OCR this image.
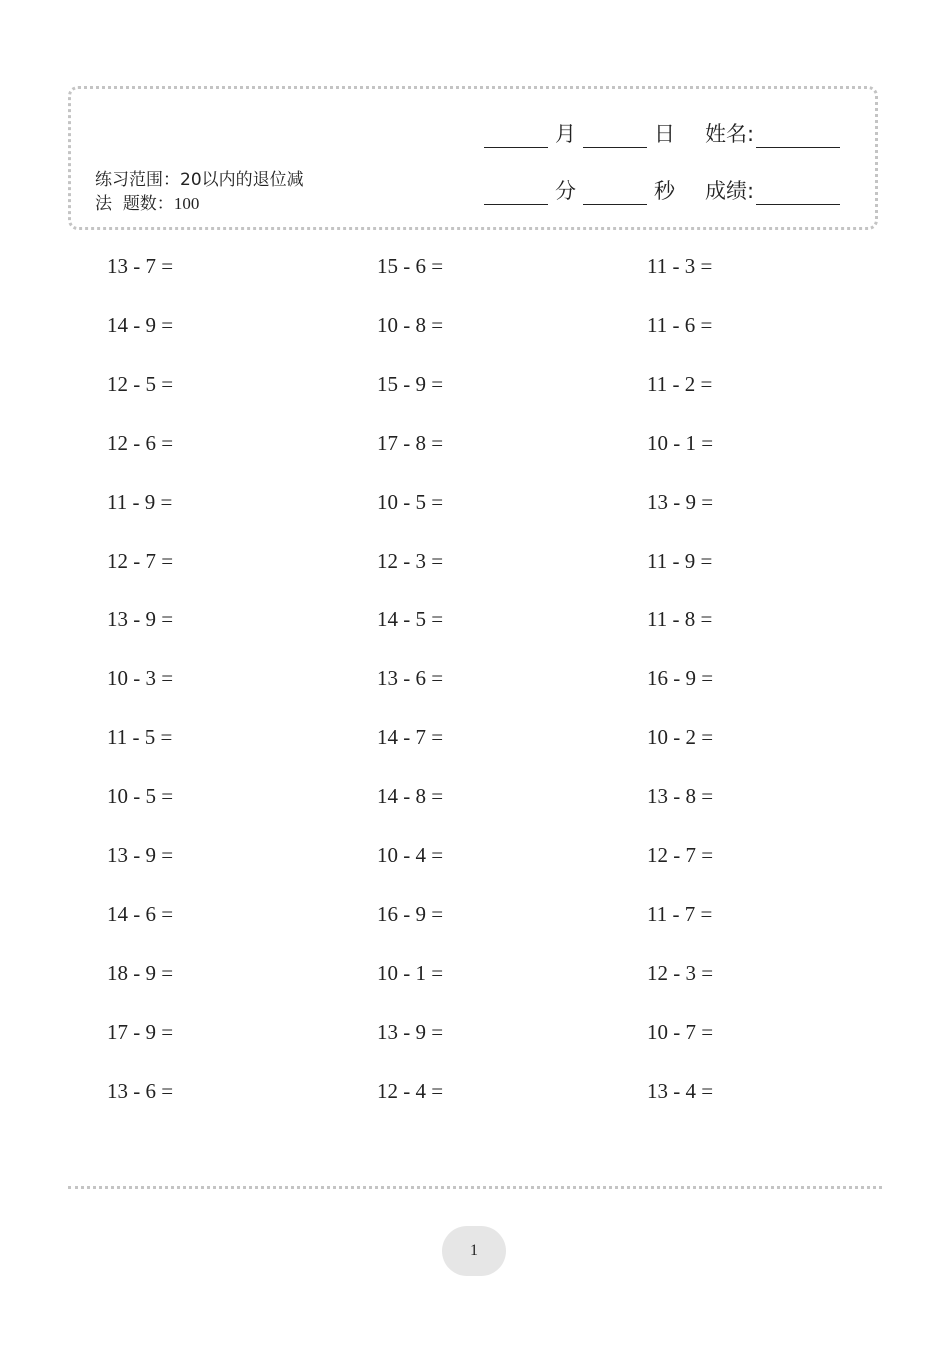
练习范围：20以内的退位减法 题数：100
月	日 姓名:
分	秒 成绩:
13 - 7 =
14 - 9 =
12 - 5 =
12 - 6 =
11 - 9 =
12 - 7 =
13 - 9 =
10 - 3 =
11 - 5 =
10 - 5 =
13 - 9 =
14 - 6 =
18 - 9 =
17 - 9 =
13 - 6 =
15 - 6 =
10 - 8 =
15 - 9 =
17 - 8 =
10 - 5 =
12 - 3 =
14 - 5 =
13 - 6 =
14 - 7 =
14 - 8 =
10 - 4 =
16 - 9 =
10 - 1 =
13 - 9 =
12 - 4 =
11 - 3 =
11 - 6 =
11 - 2 =
10 - 1 =
13 - 9 =
11 - 9 =
11 - 8 =
16 - 9 =
10 - 2 =
13 - 8 =
12 - 7 =
11 - 7 =
12 - 3 =
10 - 7 =
13 - 4 =
1
